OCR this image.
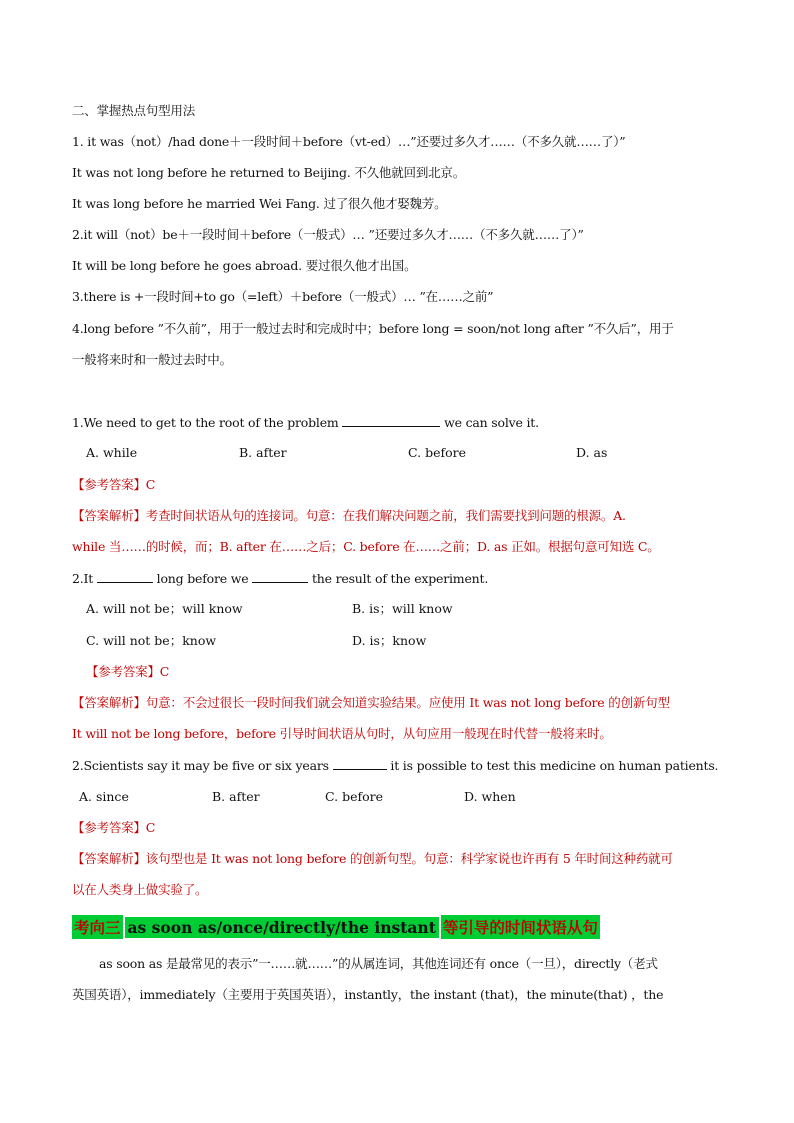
二、掌握热点句型用法
1. it was（not）/had done＋一段时间＋before（vt-ed）…”还要过多久才……（不多久就……了）”
It was not long before he returned to Beijing. 不久他就回到北京。
It was long before he married Wei Fang. 过了很久他才娶魏芳。
2.it will（not）be＋一段时间＋before（一般式）… ”还要过多久才……（不多久就……了）”
It will be long before he goes abroad. 要过很久他才出国。
3.there is +一段时间+to go（=left）＋before（一般式）… ”在……之前”
4.long before ”不久前”，用于一般过去时和完成时中；before long = soon/not long after ”不久后”，用于
一般将来时和一般过去时中。
1.We need to get to the root of the problem	we can solve it.
A. while	B. after	C. before	D. as
【参考答案】C
【答案解析】考查时间状语从句的连接词。句意：在我们解决问题之前，我们需要找到问题的根源。A.
while 当……的时候，而；B. after 在……之后；C. before 在……之前；D. as 正如。根据句意可知选 C。
2.It	long before we	the result of the experiment.
A. will not be；will know	B. is；will know
C. will not be；know	D. is；know
【参考答案】C
【答案解析】句意：不会过很长一段时间我们就会知道实验结果。应使用 It was not long before 的创新句型
It will not be long before，before 引导时间状语从句时，从句应用一般现在时代替一般将来时。
2.Scientists say it may be five or six years	it is possible to test this medicine on human patients.
A. since	B. after	C. before	D. when
【参考答案】C
【答案解析】该句型也是 It was not long before 的创新句型。句意：科学家说也许再有 5 年时间这种药就可
以在人类身上做实验了。
考向三 as soon as/once/directly/the instant 等引导的时间状语从句
as soon as 是最常见的表示”一……就……”的从属连词，其他连词还有 once（一旦），directly（老式
英国英语），immediately（主要用于英国英语），instantly，the instant (that)，the minute(that) ，the
